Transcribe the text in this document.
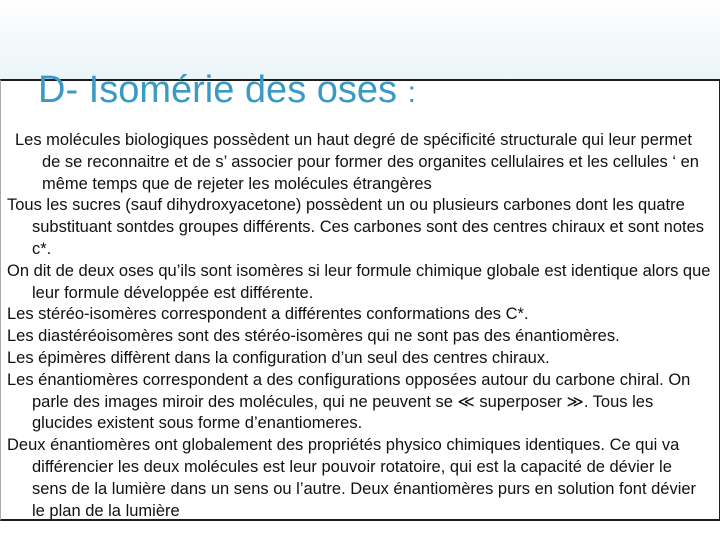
D- Isomérie des oses :

Les molécules biologiques possèdent un haut degré de spécificité structurale qui leur permet de se reconnaitre et de s’ associer pour former des organites cellulaires et les cellules ‘ en même temps que de rejeter les molécules étrangères

Tous les sucres (sauf dihydroxyacetone) possèdent un ou plusieurs carbones dont les quatre substituant sontdes groupes différents. Ces carbones sont des centres chiraux et sont notes c*.

On dit de deux oses qu’ils sont isomères si leur formule chimique globale est identique alors que leur formule développée est différente.

Les stéréo-isomères correspondent a différentes conformations des C*.

Les diastéréoisomères sont des stéréo-isomères qui ne sont pas des énantiomères.

Les épimères diffèrent dans la configuration d’un seul des centres chiraux.

Les énantiomères correspondent a des configurations opposées autour du carbone chiral. On parle des images miroir des molécules, qui ne peuvent se ≪ superposer ≫. Tous les glucides existent sous forme d’enantiomeres.

Deux énantiomères ont globalement des propriétés physico chimiques identiques. Ce qui va différencier les deux molécules est leur pouvoir rotatoire, qui est la capacité de dévier le sens de la lumière dans un sens ou l’autre. Deux énantiomères purs en solution font dévier le plan de la lumière
